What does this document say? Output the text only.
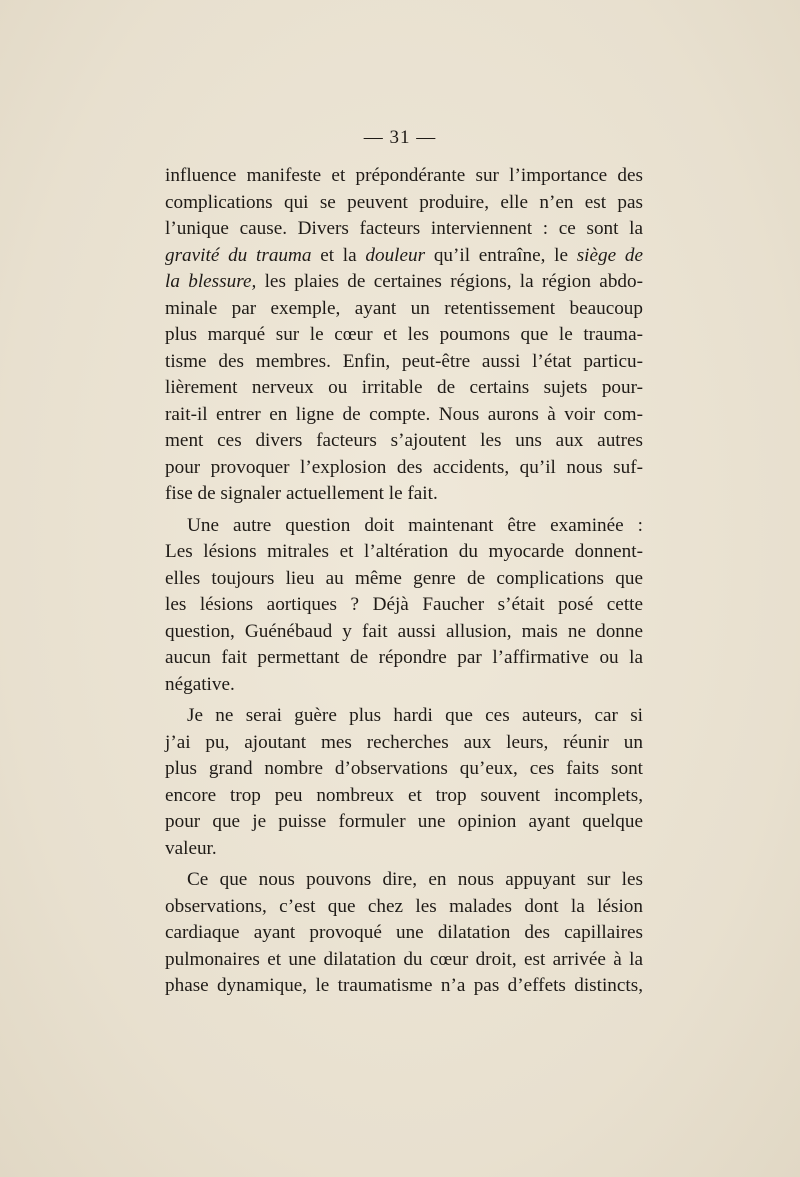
— 31 —

influence manifeste et prépondérante sur l’importance des
complications qui se peuvent produire, elle n’en est pas
l’unique cause. Divers facteurs interviennent : ce sont la
gravité du trauma et la douleur qu’il entraîne, le siège de
la blessure, les plaies de certaines régions, la région abdo-
minale par exemple, ayant un retentissement beaucoup
plus marqué sur le cœur et les poumons que le trauma-
tisme des membres. Enfin, peut-être aussi l’état particu-
lièrement nerveux ou irritable de certains sujets pour-
rait-il entrer en ligne de compte. Nous aurons à voir com-
ment ces divers facteurs s’ajoutent les uns aux autres
pour provoquer l’explosion des accidents, qu’il nous suf-
fise de signaler actuellement le fait.

Une autre question doit maintenant être examinée :
Les lésions mitrales et l’altération du myocarde donnent-
elles toujours lieu au même genre de complications que
les lésions aortiques ? Déjà Faucher s’était posé cette
question, Guénébaud y fait aussi allusion, mais ne donne
aucun fait permettant de répondre par l’affirmative ou la
négative.

Je ne serai guère plus hardi que ces auteurs, car si
j’ai pu, ajoutant mes recherches aux leurs, réunir un
plus grand nombre d’observations qu’eux, ces faits sont
encore trop peu nombreux et trop souvent incomplets,
pour que je puisse formuler une opinion ayant quelque
valeur.

Ce que nous pouvons dire, en nous appuyant sur les
observations, c’est que chez les malades dont la lésion
cardiaque ayant provoqué une dilatation des capillaires
pulmonaires et une dilatation du cœur droit, est arrivée à la
phase dynamique, le traumatisme n’a pas d’effets distincts,
